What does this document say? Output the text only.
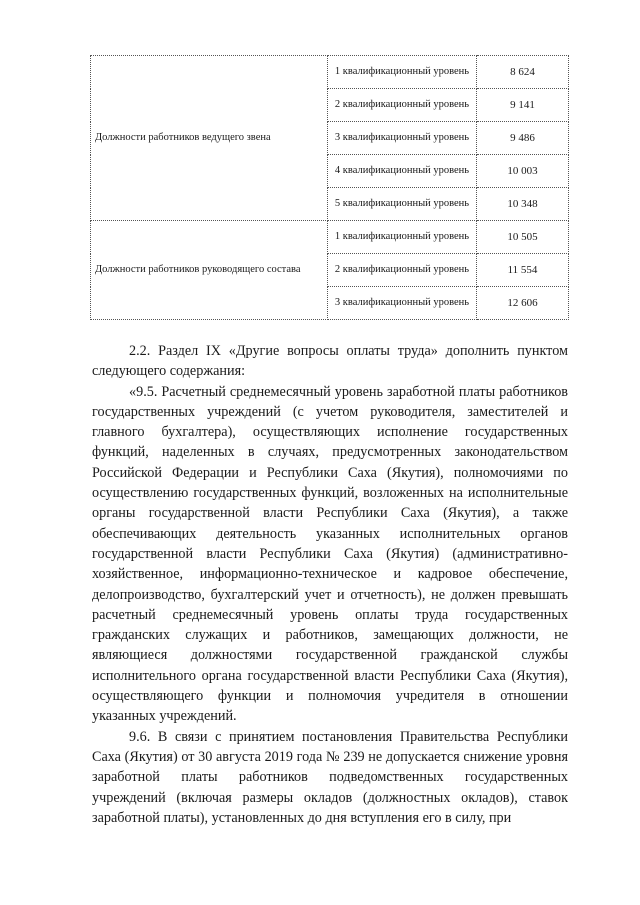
Должности работников ведущего звена	1 квалификационный уровень	8 624
	2 квалификационный уровень	9 141
	3 квалификационный уровень	9 486
	4 квалификационный уровень	10 003
	5 квалификационный уровень	10 348
Должности работников руководящего состава	1 квалификационный уровень	10 505
	2 квалификационный уровень	11 554
	3 квалификационный уровень	12 606

2.2. Раздел IX «Другие вопросы оплаты труда» дополнить пунктом следующего содержания:

«9.5. Расчетный среднемесячный уровень заработной платы работников государственных учреждений (с учетом руководителя, заместителей и главного бухгалтера), осуществляющих исполнение государственных функций, наделенных в случаях, предусмотренных законодательством Российской Федерации и Республики Саха (Якутия), полномочиями по осуществлению государственных функций, возложенных на исполнительные органы государственной власти Республики Саха (Якутия), а также обеспечивающих деятельность указанных исполнительных органов государственной власти Республики Саха (Якутия) (административно-хозяйственное, информационно-техническое и кадровое обеспечение, делопроизводство, бухгалтерский учет и отчетность), не должен превышать расчетный среднемесячный уровень оплаты труда государственных гражданских служащих и работников, замещающих должности, не являющиеся должностями государственной гражданской службы исполнительного органа государственной власти Республики Саха (Якутия), осуществляющего функции и полномочия учредителя в отношении указанных учреждений.

9.6. В связи с принятием постановления Правительства Республики Саха (Якутия) от 30 августа 2019 года № 239 не допускается снижение уровня заработной платы работников подведомственных государственных учреждений (включая размеры окладов (должностных окладов), ставок заработной платы), установленных до дня вступления его в силу, при
